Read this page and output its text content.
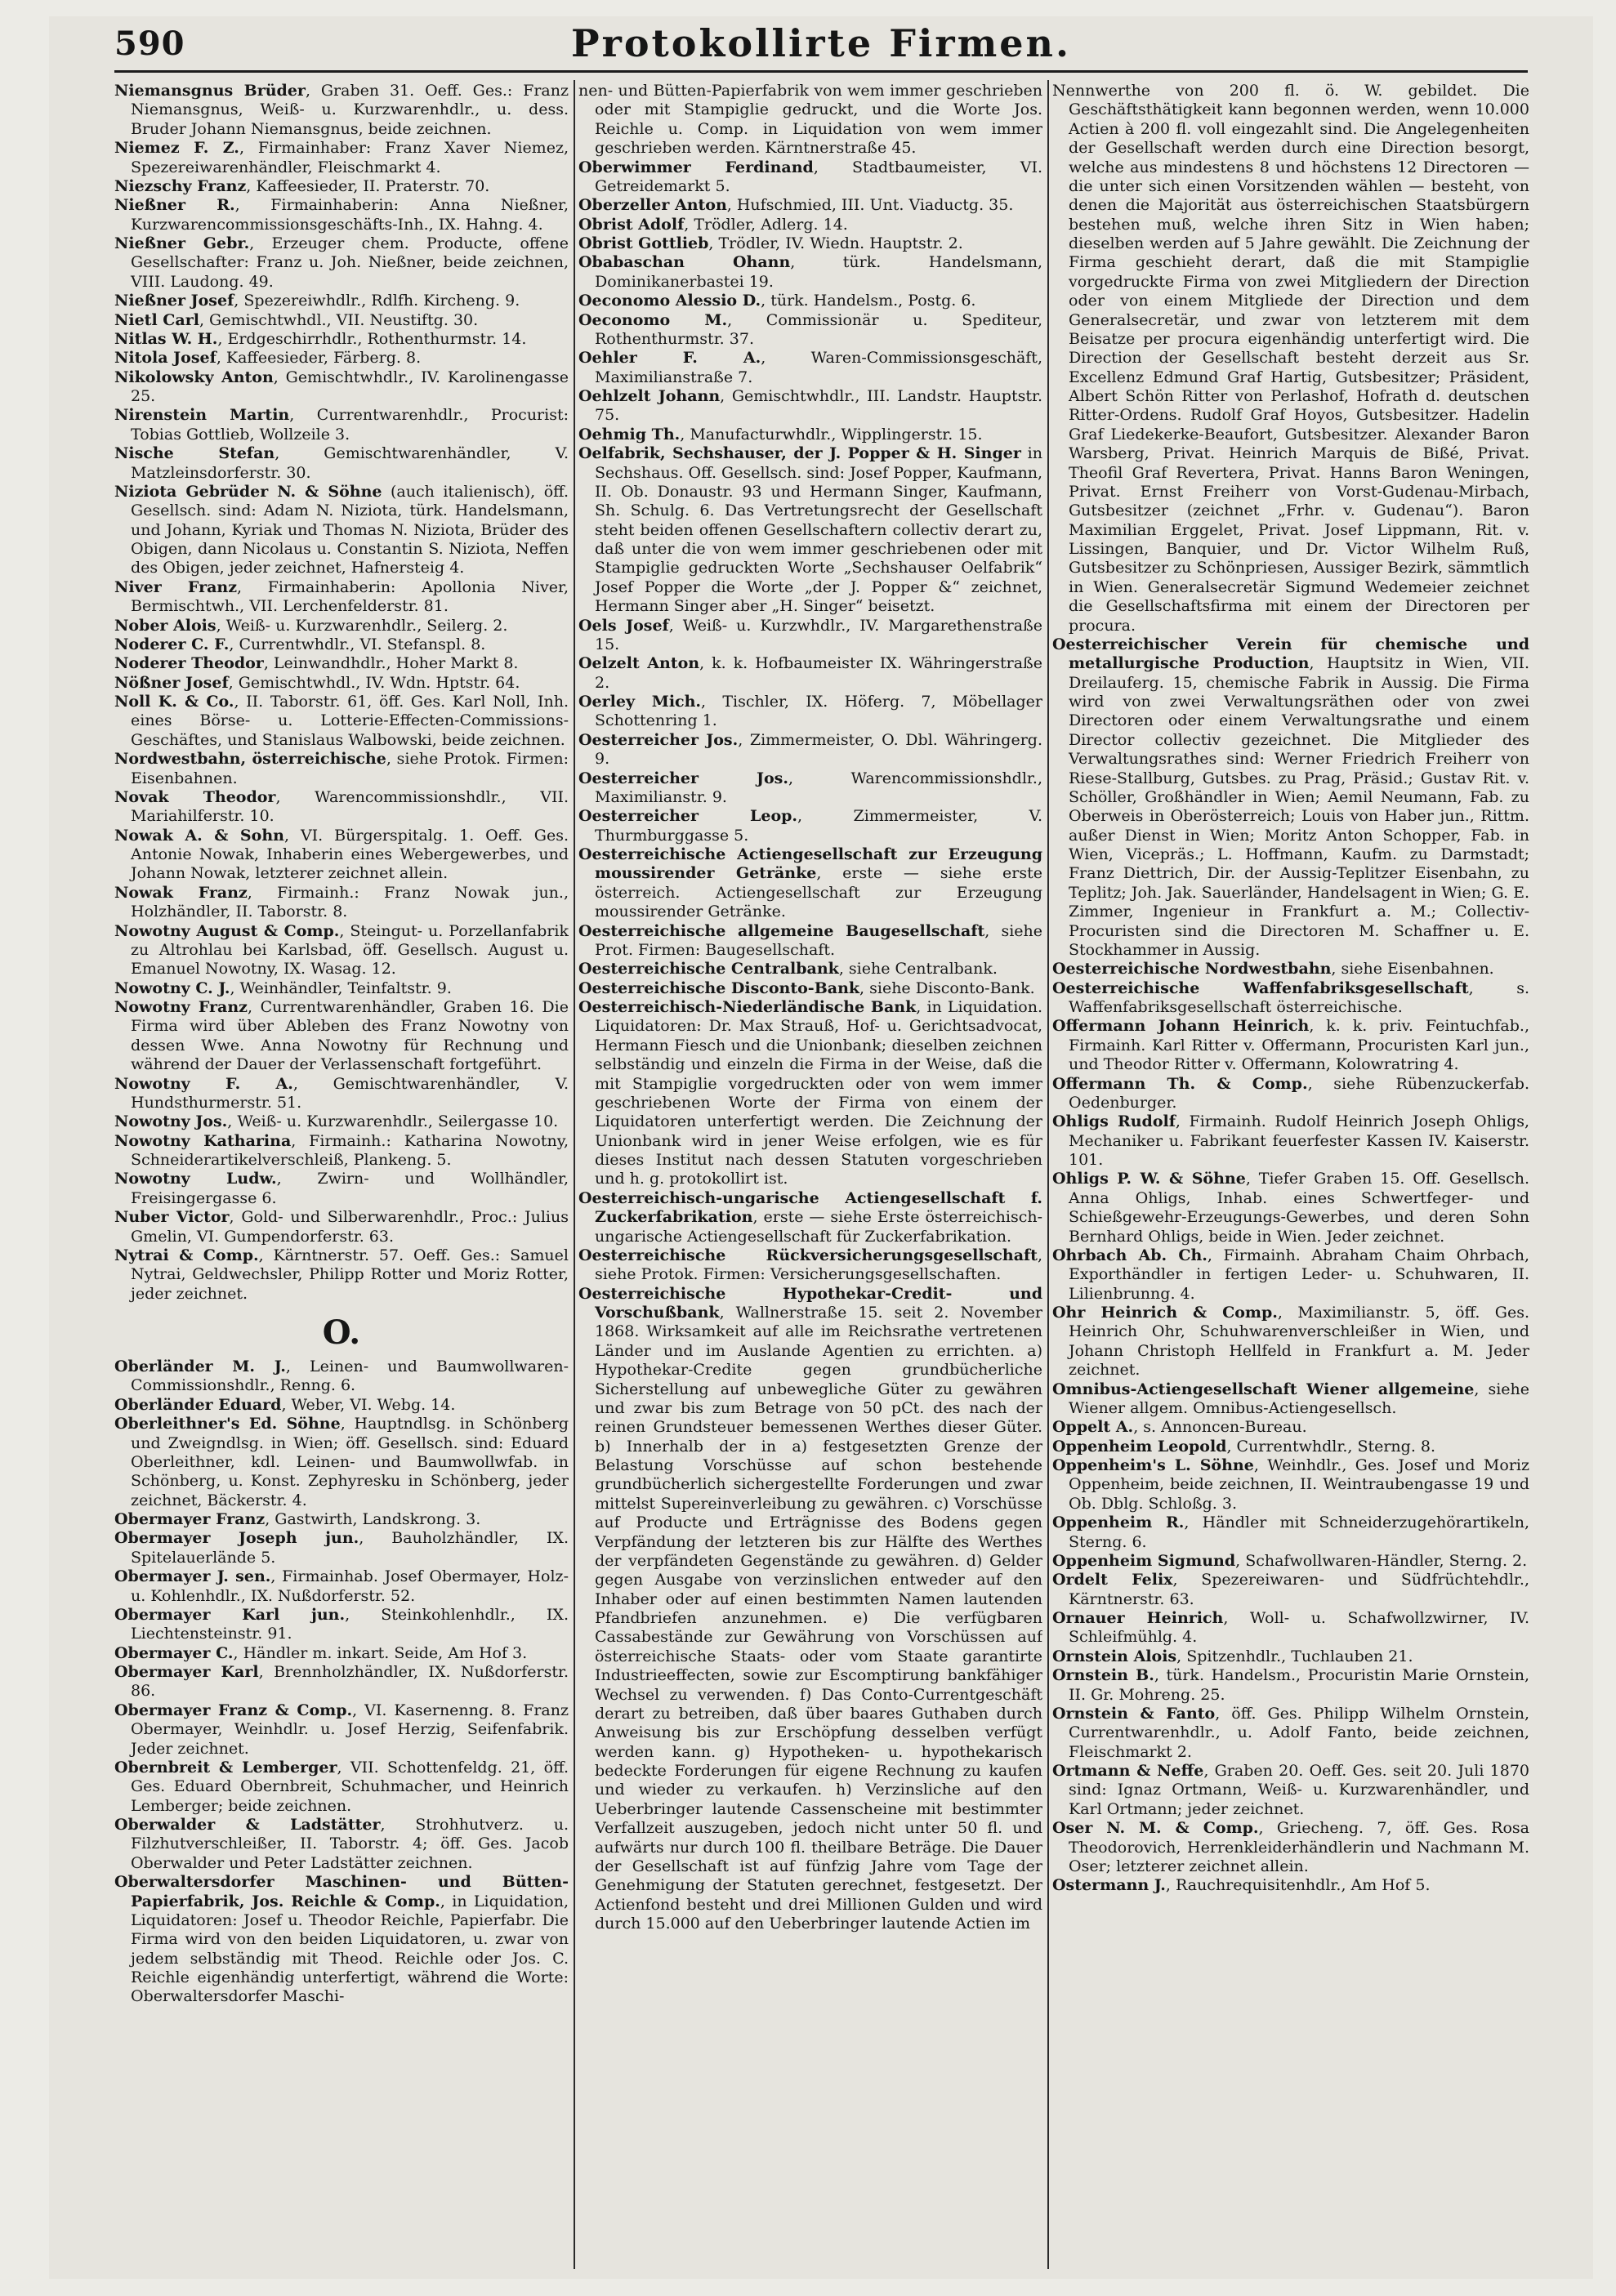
590	Protokollirte Firmen.

Niemansgnus Brüder, Graben 31. Oeff. Ges.: Franz Niemansgnus, Weiß- u. Kurzwarenhdlr., u. dess. Bruder Johann Niemansgnus, beide zeichnen.

Niemez F. Z., Firmainhaber: Franz Xaver Niemez, Spezereiwarenhändler, Fleischmarkt 4.

Niezschy Franz, Kaffeesieder, II. Praterstr. 70.

Nießner R., Firmainhaberin: Anna Nießner, Kurzwarencommissionsgeschäfts-Inh., IX. Hahng. 4.

Nießner Gebr., Erzeuger chem. Producte, offene Gesellschafter: Franz u. Joh. Nießner, beide zeichnen, VIII. Laudong. 49.

Nießner Josef, Spezereiwhdlr., Rdlfh. Kircheng. 9.

Nietl Carl, Gemischtwhdl., VII. Neustiftg. 30.

Nitlas W. H., Erdgeschirrhdlr., Rothenthurmstr. 14.

Nitola Josef, Kaffeesieder, Färberg. 8.

Nikolowsky Anton, Gemischtwhdlr., IV. Karolinengasse 25.

Nirenstein Martin, Currentwarenhdlr., Procurist: Tobias Gottlieb, Wollzeile 3.

Nische Stefan, Gemischtwarenhändler, V. Matzleinsdorferstr. 30.

Niziota Gebrüder N. & Söhne (auch italienisch), öff. Gesellsch. sind: Adam N. Niziota, türk. Handelsmann, und Johann, Kyriak und Thomas N. Niziota, Brüder des Obigen, dann Nicolaus u. Constantin S. Niziota, Neffen des Obigen, jeder zeichnet, Hafnersteig 4.

Niver Franz, Firmainhaberin: Apollonia Niver, Bermischtwh., VII. Lerchenfelderstr. 81.

Nober Alois, Weiß- u. Kurzwarenhdlr., Seilerg. 2.

Noderer C. F., Currentwhdlr., VI. Stefanspl. 8.

Noderer Theodor, Leinwandhdlr., Hoher Markt 8.

Nößner Josef, Gemischtwhdl., IV. Wdn. Hptstr. 64.

Noll K. & Co., II. Taborstr. 61, öff. Ges. Karl Noll, Inh. eines Börse- u. Lotterie-Effecten-Commissions-Geschäftes, und Stanislaus Walbowski, beide zeichnen.

Nordwestbahn, österreichische, siehe Protok. Firmen: Eisenbahnen.

Novak Theodor, Warencommissionshdlr., VII. Mariahilferstr. 10.

Nowak A. & Sohn, VI. Bürgerspitalg. 1. Oeff. Ges. Antonie Nowak, Inhaberin eines Webergewerbes, und Johann Nowak, letzterer zeichnet allein.

Nowak Franz, Firmainh.: Franz Nowak jun., Holzhändler, II. Taborstr. 8.

Nowotny August & Comp., Steingut- u. Porzellanfabrik zu Altrohlau bei Karlsbad, öff. Gesellsch. August u. Emanuel Nowotny, IX. Wasag. 12.

Nowotny C. J., Weinhändler, Teinfaltstr. 9.

Nowotny Franz, Currentwarenhändler, Graben 16. Die Firma wird über Ableben des Franz Nowotny von dessen Wwe. Anna Nowotny für Rechnung und während der Dauer der Verlassenschaft fortgeführt.

Nowotny F. A., Gemischtwarenhändler, V. Hundsthurmerstr. 51.

Nowotny Jos., Weiß- u. Kurzwarenhdlr., Seilergasse 10.

Nowotny Katharina, Firmainh.: Katharina Nowotny, Schneiderartikelverschleiß, Plankeng. 5.

Nowotny Ludw., Zwirn- und Wollhändler, Freisingergasse 6.

Nuber Victor, Gold- und Silberwarenhdlr., Proc.: Julius Gmelin, VI. Gumpendorferstr. 63.

Nytrai & Comp., Kärntnerstr. 57. Oeff. Ges.: Samuel Nytrai, Geldwechsler, Philipp Rotter und Moriz Rotter, jeder zeichnet.

O.

Oberländer M. J., Leinen- und Baumwollwaren-Commissionshdlr., Renng. 6.

Oberländer Eduard, Weber, VI. Webg. 14.

Oberleithner's Ed. Söhne, Hauptndlsg. in Schönberg und Zweigndlsg. in Wien; öff. Gesellsch. sind: Eduard Oberleithner, kdl. Leinen- und Baumwollwfab. in Schönberg, u. Konst. Zephyresku in Schönberg, jeder zeichnet, Bäckerstr. 4.

Obermayer Franz, Gastwirth, Landskrong. 3.

Obermayer Joseph jun., Bauholzhändler, IX. Spitelauerlände 5.

Obermayer J. sen., Firmainhab. Josef Obermayer, Holz- u. Kohlenhdlr., IX. Nußdorferstr. 52.

Obermayer Karl jun., Steinkohlenhdlr., IX. Liechtensteinstr. 91.

Obermayer C., Händler m. inkart. Seide, Am Hof 3.

Obermayer Karl, Brennholzhändler, IX. Nußdorferstr. 86.

Obermayer Franz & Comp., VI. Kasernenng. 8. Franz Obermayer, Weinhdlr. u. Josef Herzig, Seifenfabrik. Jeder zeichnet.

Obernbreit & Lemberger, VII. Schottenfeldg. 21, öff. Ges. Eduard Obernbreit, Schuhmacher, und Heinrich Lemberger; beide zeichnen.

Oberwalder & Ladstätter, Strohhutverz. u. Filzhutverschleißer, II. Taborstr. 4; öff. Ges. Jacob Oberwalder und Peter Ladstätter zeichnen.

Oberwaltersdorfer Maschinen- und Bütten-Papierfabrik, Jos. Reichle & Comp., in Liquidation, Liquidatoren: Josef u. Theodor Reichle, Papierfabr. Die Firma wird von den beiden Liquidatoren, u. zwar von jedem selbständig mit Theod. Reichle oder Jos. C. Reichle eigenhändig unterfertigt, während die Worte: Oberwaltersdorfer Maschi-

nen- und Bütten-Papierfabrik von wem immer geschrieben oder mit Stampiglie gedruckt, und die Worte Jos. Reichle u. Comp. in Liquidation von wem immer geschrieben werden. Kärntnerstraße 45.

Oberwimmer Ferdinand, Stadtbaumeister, VI. Getreidemarkt 5.

Oberzeller Anton, Hufschmied, III. Unt. Viaductg. 35.

Obrist Adolf, Trödler, Adlerg. 14.

Obrist Gottlieb, Trödler, IV. Wiedn. Hauptstr. 2.

Obabaschan Ohann, türk. Handelsmann, Dominikanerbastei 19.

Oeconomo Alessio D., türk. Handelsm., Postg. 6.

Oeconomo M., Commissionär u. Spediteur, Rothenthurmstr. 37.

Oehler F. A., Waren-Commissionsgeschäft, Maximilianstraße 7.

Oehlzelt Johann, Gemischtwhdlr., III. Landstr. Hauptstr. 75.

Oehmig Th., Manufacturwhdlr., Wipplingerstr. 15.

Oelfabrik, Sechshauser, der J. Popper & H. Singer in Sechshaus. Off. Gesellsch. sind: Josef Popper, Kaufmann, II. Ob. Donaustr. 93 und Hermann Singer, Kaufmann, Sh. Schulg. 6. Das Vertretungsrecht der Gesellschaft steht beiden offenen Gesellschaftern collectiv derart zu, daß unter die von wem immer geschriebenen oder mit Stampiglie gedruckten Worte „Sechshauser Oelfabrik“ Josef Popper die Worte „der J. Popper &“ zeichnet, Hermann Singer aber „H. Singer“ beisetzt.

Oels Josef, Weiß- u. Kurzwhdlr., IV. Margarethenstraße 15.

Oelzelt Anton, k. k. Hofbaumeister IX. Währingerstraße 2.

Oerley Mich., Tischler, IX. Höferg. 7, Möbellager Schottenring 1.

Oesterreicher Jos., Zimmermeister, O. Dbl. Währingerg. 9.

Oesterreicher Jos., Warencommissionshdlr., Maximilianstr. 9.

Oesterreicher Leop., Zimmermeister, V. Thurmburggasse 5.

Oesterreichische Actiengesellschaft zur Erzeugung moussirender Getränke, erste — siehe erste österreich. Actiengesellschaft zur Erzeugung moussirender Getränke.

Oesterreichische allgemeine Baugesellschaft, siehe Prot. Firmen: Baugesellschaft.

Oesterreichische Centralbank, siehe Centralbank.

Oesterreichische Disconto-Bank, siehe Disconto-Bank.

Oesterreichisch-Niederländische Bank, in Liquidation. Liquidatoren: Dr. Max Strauß, Hof- u. Gerichtsadvocat, Hermann Fiesch und die Unionbank; dieselben zeichnen selbständig und einzeln die Firma in der Weise, daß die mit Stampiglie vorgedruckten oder von wem immer geschriebenen Worte der Firma von einem der Liquidatoren unterfertigt werden. Die Zeichnung der Unionbank wird in jener Weise erfolgen, wie es für dieses Institut nach dessen Statuten vorgeschrieben und h. g. protokollirt ist.

Oesterreichisch-ungarische Actiengesellschaft f. Zuckerfabrikation, erste — siehe Erste österreichisch-ungarische Actiengesellschaft für Zuckerfabrikation.

Oesterreichische Rückversicherungsgesellschaft, siehe Protok. Firmen: Versicherungsgesellschaften.

Oesterreichische Hypothekar-Credit- und Vorschußbank, Wallnerstraße 15. seit 2. November 1868. Wirksamkeit auf alle im Reichsrathe vertretenen Länder und im Auslande Agentien zu errichten. a) Hypothekar-Credite gegen grundbücherliche Sicherstellung auf unbewegliche Güter zu gewähren und zwar bis zum Betrage von 50 pCt. des nach der reinen Grundsteuer bemessenen Werthes dieser Güter. b) Innerhalb der in a) festgesetzten Grenze der Belastung Vorschüsse auf schon bestehende grundbücherlich sichergestellte Forderungen und zwar mittelst Supereinverleibung zu gewähren. c) Vorschüsse auf Producte und Erträgnisse des Bodens gegen Verpfändung der letzteren bis zur Hälfte des Werthes der verpfändeten Gegenstände zu gewähren. d) Gelder gegen Ausgabe von verzinslichen entweder auf den Inhaber oder auf einen bestimmten Namen lautenden Pfandbriefen anzunehmen. e) Die verfügbaren Cassabestände zur Gewährung von Vorschüssen auf österreichische Staats- oder vom Staate garantirte Industrieeffecten, sowie zur Escomptirung bankfähiger Wechsel zu verwenden. f) Das Conto-Currentgeschäft derart zu betreiben, daß über baares Guthaben durch Anweisung bis zur Erschöpfung desselben verfügt werden kann. g) Hypotheken- u. hypothekarisch bedeckte Forderungen für eigene Rechnung zu kaufen und wieder zu verkaufen. h) Verzinsliche auf den Ueberbringer lautende Cassenscheine mit bestimmter Verfallzeit auszugeben, jedoch nicht unter 50 fl. und aufwärts nur durch 100 fl. theilbare Beträge. Die Dauer der Gesellschaft ist auf fünfzig Jahre vom Tage der Genehmigung der Statuten gerechnet, festgesetzt. Der Actienfond besteht und drei Millionen Gulden und wird durch 15.000 auf den Ueberbringer lautende Actien im

Nennwerthe von 200 fl. ö. W. gebildet. Die Geschäftsthätigkeit kann begonnen werden, wenn 10.000 Actien à 200 fl. voll eingezahlt sind. Die Angelegenheiten der Gesellschaft werden durch eine Direction besorgt, welche aus mindestens 8 und höchstens 12 Directoren — die unter sich einen Vorsitzenden wählen — besteht, von denen die Majorität aus österreichischen Staatsbürgern bestehen muß, welche ihren Sitz in Wien haben; dieselben werden auf 5 Jahre gewählt. Die Zeichnung der Firma geschieht derart, daß die mit Stampiglie vorgedruckte Firma von zwei Mitgliedern der Direction oder von einem Mitgliede der Direction und dem Generalsecretär, und zwar von letzterem mit dem Beisatze per procura eigenhändig unterfertigt wird. Die Direction der Gesellschaft besteht derzeit aus Sr. Excellenz Edmund Graf Hartig, Gutsbesitzer; Präsident, Albert Schön Ritter von Perlashof, Hofrath d. deutschen Ritter-Ordens. Rudolf Graf Hoyos, Gutsbesitzer. Hadelin Graf Liedekerke-Beaufort, Gutsbesitzer. Alexander Baron Warsberg, Privat. Heinrich Marquis de Bißé, Privat. Theofil Graf Revertera, Privat. Hanns Baron Weningen, Privat. Ernst Freiherr von Vorst-Gudenau-Mirbach, Gutsbesitzer (zeichnet „Frhr. v. Gudenau“). Baron Maximilian Erggelet, Privat. Josef Lippmann, Rit. v. Lissingen, Banquier, und Dr. Victor Wilhelm Ruß, Gutsbesitzer zu Schönpriesen, Aussiger Bezirk, sämmtlich in Wien. Generalsecretär Sigmund Wedemeier zeichnet die Gesellschaftsfirma mit einem der Directoren per procura.

Oesterreichischer Verein für chemische und metallurgische Production, Hauptsitz in Wien, VII. Dreilauferg. 15, chemische Fabrik in Aussig. Die Firma wird von zwei Verwaltungsräthen oder von zwei Directoren oder einem Verwaltungsrathe und einem Director collectiv gezeichnet. Die Mitglieder des Verwaltungsrathes sind: Werner Friedrich Freiherr von Riese-Stallburg, Gutsbes. zu Prag, Präsid.; Gustav Rit. v. Schöller, Großhändler in Wien; Aemil Neumann, Fab. zu Oberweis in Oberösterreich; Louis von Haber jun., Rittm. außer Dienst in Wien; Moritz Anton Schopper, Fab. in Wien, Vicepräs.; L. Hoffmann, Kaufm. zu Darmstadt; Franz Diettrich, Dir. der Aussig-Teplitzer Eisenbahn, zu Teplitz; Joh. Jak. Sauerländer, Handelsagent in Wien; G. E. Zimmer, Ingenieur in Frankfurt a. M.; Collectiv-Procuristen sind die Directoren M. Schaffner u. E. Stockhammer in Aussig.

Oesterreichische Nordwestbahn, siehe Eisenbahnen.

Oesterreichische Waffenfabriksgesellschaft, s. Waffenfabriksgesellschaft österreichische.

Offermann Johann Heinrich, k. k. priv. Feintuchfab., Firmainh. Karl Ritter v. Offermann, Procuristen Karl jun., und Theodor Ritter v. Offermann, Kolowratring 4.

Offermann Th. & Comp., siehe Rübenzuckerfab. Oedenburger.

Ohligs Rudolf, Firmainh. Rudolf Heinrich Joseph Ohligs, Mechaniker u. Fabrikant feuerfester Kassen IV. Kaiserstr. 101.

Ohligs P. W. & Söhne, Tiefer Graben 15. Off. Gesellsch. Anna Ohligs, Inhab. eines Schwertfeger- und Schießgewehr-Erzeugungs-Gewerbes, und deren Sohn Bernhard Ohligs, beide in Wien. Jeder zeichnet.

Ohrbach Ab. Ch., Firmainh. Abraham Chaim Ohrbach, Exporthändler in fertigen Leder- u. Schuhwaren, II. Lilienbrunng. 4.

Ohr Heinrich & Comp., Maximilianstr. 5, öff. Ges. Heinrich Ohr, Schuhwarenverschleißer in Wien, und Johann Christoph Hellfeld in Frankfurt a. M. Jeder zeichnet.

Omnibus-Actiengesellschaft Wiener allgemeine, siehe Wiener allgem. Omnibus-Actiengesellsch.

Oppelt A., s. Annoncen-Bureau.

Oppenheim Leopold, Currentwhdlr., Sterng. 8.

Oppenheim's L. Söhne, Weinhdlr., Ges. Josef und Moriz Oppenheim, beide zeichnen, II. Weintraubengasse 19 und Ob. Dblg. Schloßg. 3.

Oppenheim R., Händler mit Schneiderzugehörartikeln, Sterng. 6.

Oppenheim Sigmund, Schafwollwaren-Händler, Sterng. 2.

Ordelt Felix, Spezereiwaren- und Südfrüchtehdlr., Kärntnerstr. 63.

Ornauer Heinrich, Woll- u. Schafwollzwirner, IV. Schleifmühlg. 4.

Ornstein Alois, Spitzenhdlr., Tuchlauben 21.

Ornstein B., türk. Handelsm., Procuristin Marie Ornstein, II. Gr. Mohreng. 25.

Ornstein & Fanto, öff. Ges. Philipp Wilhelm Ornstein, Currentwarenhdlr., u. Adolf Fanto, beide zeichnen, Fleischmarkt 2.

Ortmann & Neffe, Graben 20. Oeff. Ges. seit 20. Juli 1870 sind: Ignaz Ortmann, Weiß- u. Kurzwarenhändler, und Karl Ortmann; jeder zeichnet.

Oser N. M. & Comp., Griecheng. 7, öff. Ges. Rosa Theodorovich, Herrenkleiderhändlerin und Nachmann M. Oser; letzterer zeichnet allein.

Ostermann J., Rauchrequisitenhdlr., Am Hof 5.
